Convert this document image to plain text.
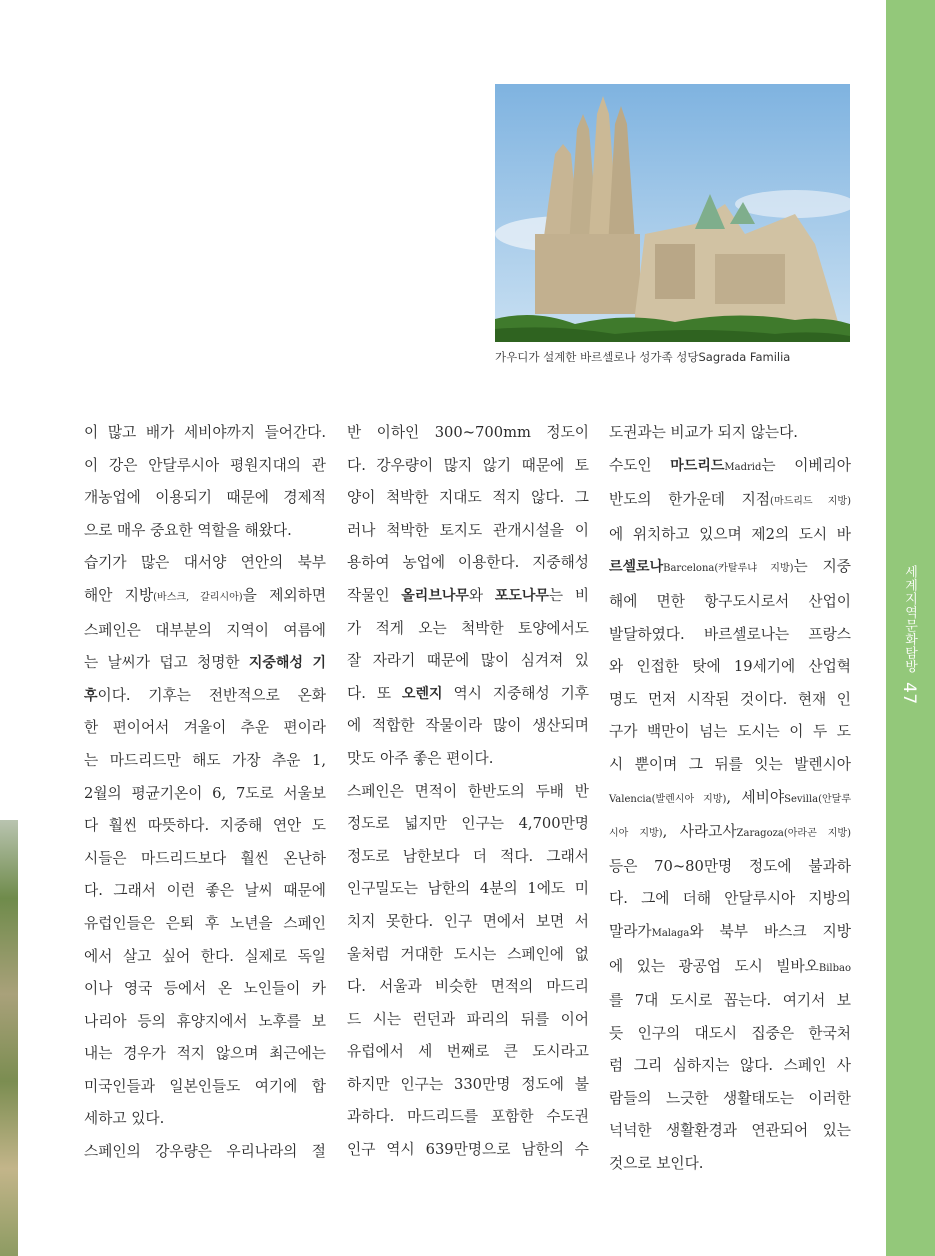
세계지역문화탐방 47
가우디가 설계한 바르셀로나 성가족 성당Sagrada Familia
이 많고 배가 세비야까지 들어간다.
이 강은 안달루시아 평원지대의 관
개농업에 이용되기 때문에 경제적
으로 매우 중요한 역할을 해왔다.
습기가 많은 대서양 연안의 북부
해안 지방(바스크, 갈리시아)을 제외하면
스페인은 대부분의 지역이 여름에
는 날씨가 덥고 청명한 지중해성 기
후이다. 기후는 전반적으로 온화
한 편이어서 겨울이 추운 편이라
는 마드리드만 해도 가장 추운 1,
2월의 평균기온이 6, 7도로 서울보
다 훨씬 따뜻하다. 지중해 연안 도
시들은 마드리드보다 훨씬 온난하
다. 그래서 이런 좋은 날씨 때문에
유럽인들은 은퇴 후 노년을 스페인
에서 살고 싶어 한다. 실제로 독일
이나 영국 등에서 온 노인들이 카
나리아 등의 휴양지에서 노후를 보
내는 경우가 적지 않으며 최근에는
미국인들과 일본인들도 여기에 합
세하고 있다.
스페인의 강우량은 우리나라의 절
반 이하인 300~700mm 정도이
다. 강우량이 많지 않기 때문에 토
양이 척박한 지대도 적지 않다. 그
러나 척박한 토지도 관개시설을 이
용하여 농업에 이용한다. 지중해성
작물인 올리브나무와 포도나무는 비
가 적게 오는 척박한 토양에서도
잘 자라기 때문에 많이 심겨져 있
다. 또 오렌지 역시 지중해성 기후
에 적합한 작물이라 많이 생산되며
맛도 아주 좋은 편이다.
스페인은 면적이 한반도의 두배 반
정도로 넓지만 인구는 4,700만명
정도로 남한보다 더 적다. 그래서
인구밀도는 남한의 4분의 1에도 미
치지 못한다. 인구 면에서 보면 서
울처럼 거대한 도시는 스페인에 없
다. 서울과 비슷한 면적의 마드리
드 시는 런던과 파리의 뒤를 이어
유럽에서 세 번째로 큰 도시라고
하지만 인구는 330만명 정도에 불
과하다. 마드리드를 포함한 수도권
인구 역시 639만명으로 남한의 수
도권과는 비교가 되지 않는다.
수도인 마드리드Madrid는 이베리아
반도의 한가운데 지점(마드리드 지방)
에 위치하고 있으며 제2의 도시 바
르셀로나Barcelona(카탈루냐 지방)는 지중
해에 면한 항구도시로서 산업이
발달하였다. 바르셀로나는 프랑스
와 인접한 탓에 19세기에 산업혁
명도 먼저 시작된 것이다. 현재 인
구가 백만이 넘는 도시는 이 두 도
시 뿐이며 그 뒤를 잇는 발렌시아
Valencia(발렌시아 지방), 세비야Sevilla(안달루
시아 지방), 사라고사Zaragoza(아라곤 지방)
등은 70~80만명 정도에 불과하
다. 그에 더해 안달루시아 지방의
말라가Malaga와 북부 바스크 지방
에 있는 광공업 도시 빌바오Bilbao
를 7대 도시로 꼽는다. 여기서 보
듯 인구의 대도시 집중은 한국처
럼 그리 심하지는 않다. 스페인 사
람들의 느긋한 생활태도는 이러한
넉넉한 생활환경과 연관되어 있는
것으로 보인다.
